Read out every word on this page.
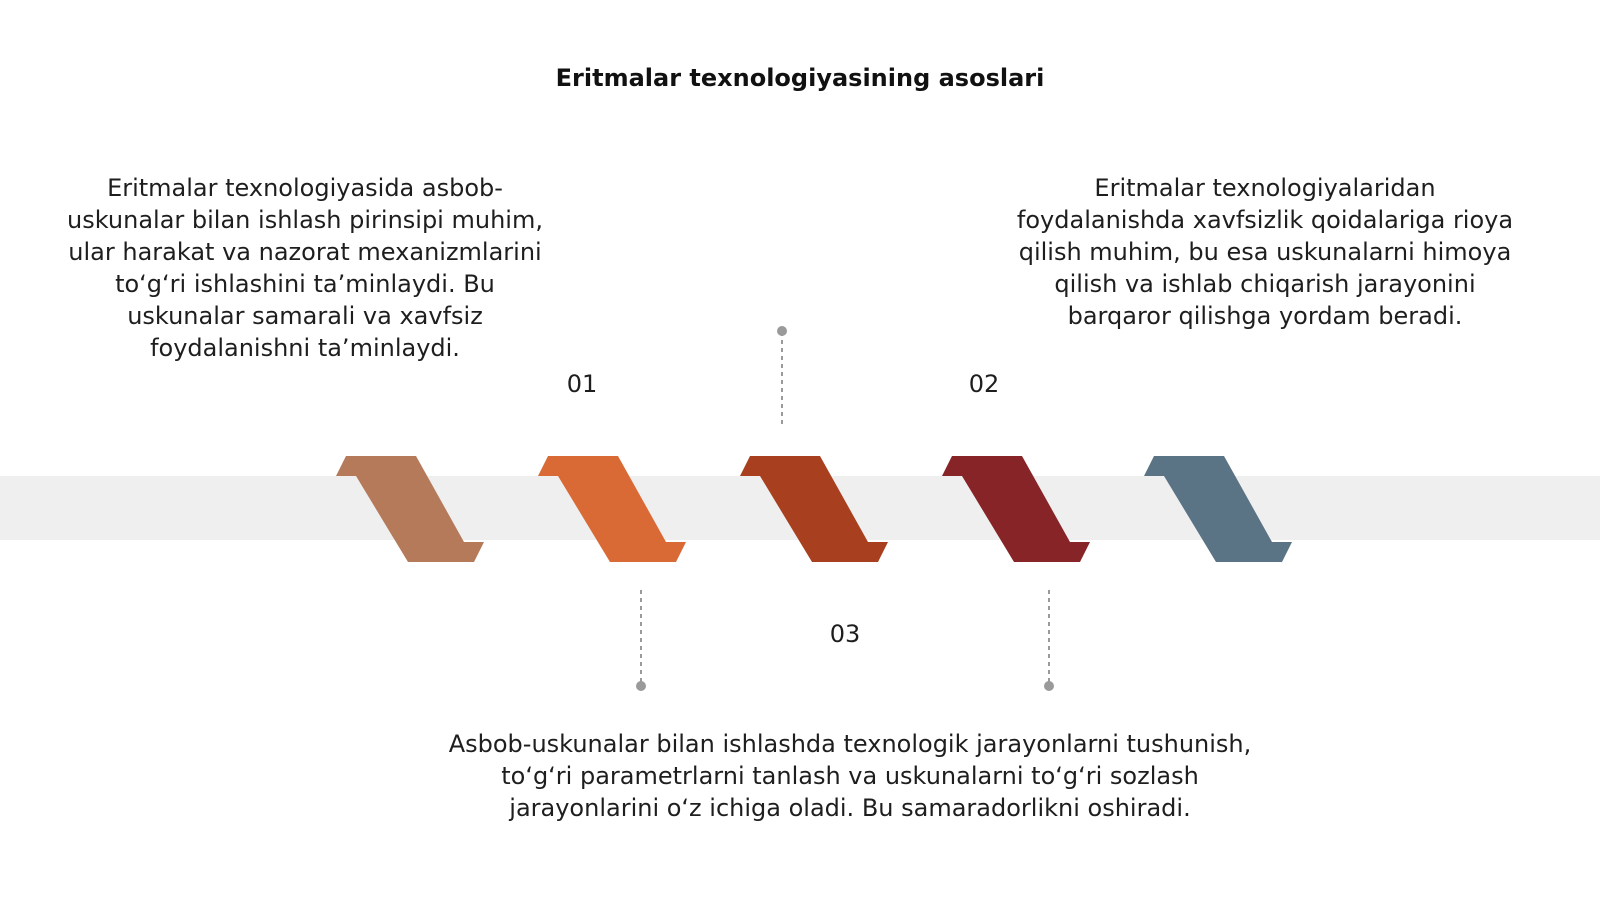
Eritmalar texnologiyasining asoslari
Eritmalar texnologiyasida asbob-uskunalar bilan ishlash pirinsipi muhim, ular harakat va nazorat mexanizmlarini to‘g‘ri ishlashini ta’minlaydi. Bu uskunalar samarali va xavfsiz foydalanishni ta’minlaydi.
Eritmalar texnologiyalaridan foydalanishda xavfsizlik qoidalariga rioya qilish muhim, bu esa uskunalarni himoya qilish va ishlab chiqarish jarayonini barqaror qilishga yordam beradi.
Asbob-uskunalar bilan ishlashda texnologik jarayonlarni tushunish, to‘g‘ri parametrlarni tanlash va uskunalarni to‘g‘ri sozlash jarayonlarini o‘z ichiga oladi. Bu samaradorlikni oshiradi.
01	02
03
